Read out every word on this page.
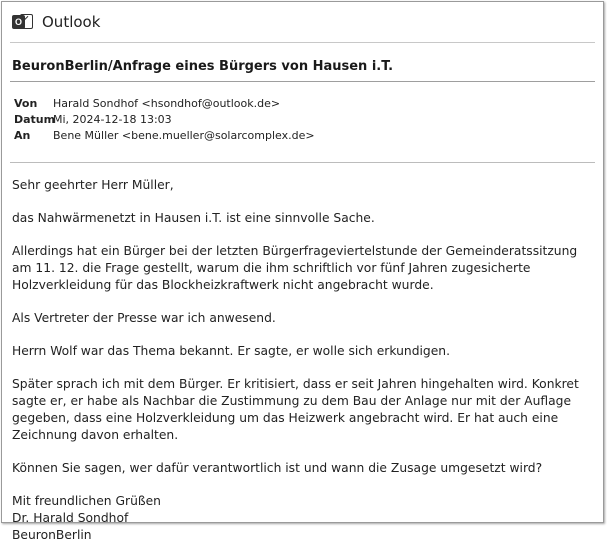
O Outlook
BeuronBerlin/Anfrage eines Bürgers von Hausen i.T.
Von	Harald Sondhof <hsondhof@outlook.de>
Datum
Mi, 2024-12-18 13:03
An	Bene Müller <bene.mueller@solarcomplex.de>

Sehr geehrter Herr Müller,

das Nahwärmenetzt in Hausen i.T. ist eine sinnvolle Sache.

Allerdings hat ein Bürger bei der letzten Bürgerfrageviertelstunde der Gemeinderatssitzung am 11. 12. die Frage gestellt, warum die ihm schriftlich vor fünf Jahren zugesicherte Holzverkleidung für das Blockheizkraftwerk nicht angebracht wurde.

Als Vertreter der Presse war ich anwesend.

Herrn Wolf war das Thema bekannt. Er sagte, er wolle sich erkundigen.

Später sprach ich mit dem Bürger. Er kritisiert, dass er seit Jahren hingehalten wird. Konkret sagte er, er habe als Nachbar die Zustimmung zu dem Bau der Anlage nur mit der Auflage gegeben, dass eine Holzverkleidung um das Heizwerk angebracht wird. Er hat auch eine Zeichnung davon erhalten.

Können Sie sagen, wer dafür verantwortlich ist und wann die Zusage umgesetzt wird?

Mit freundlichen Grüßen

Dr. Harald Sondhof

BeuronBerlin
